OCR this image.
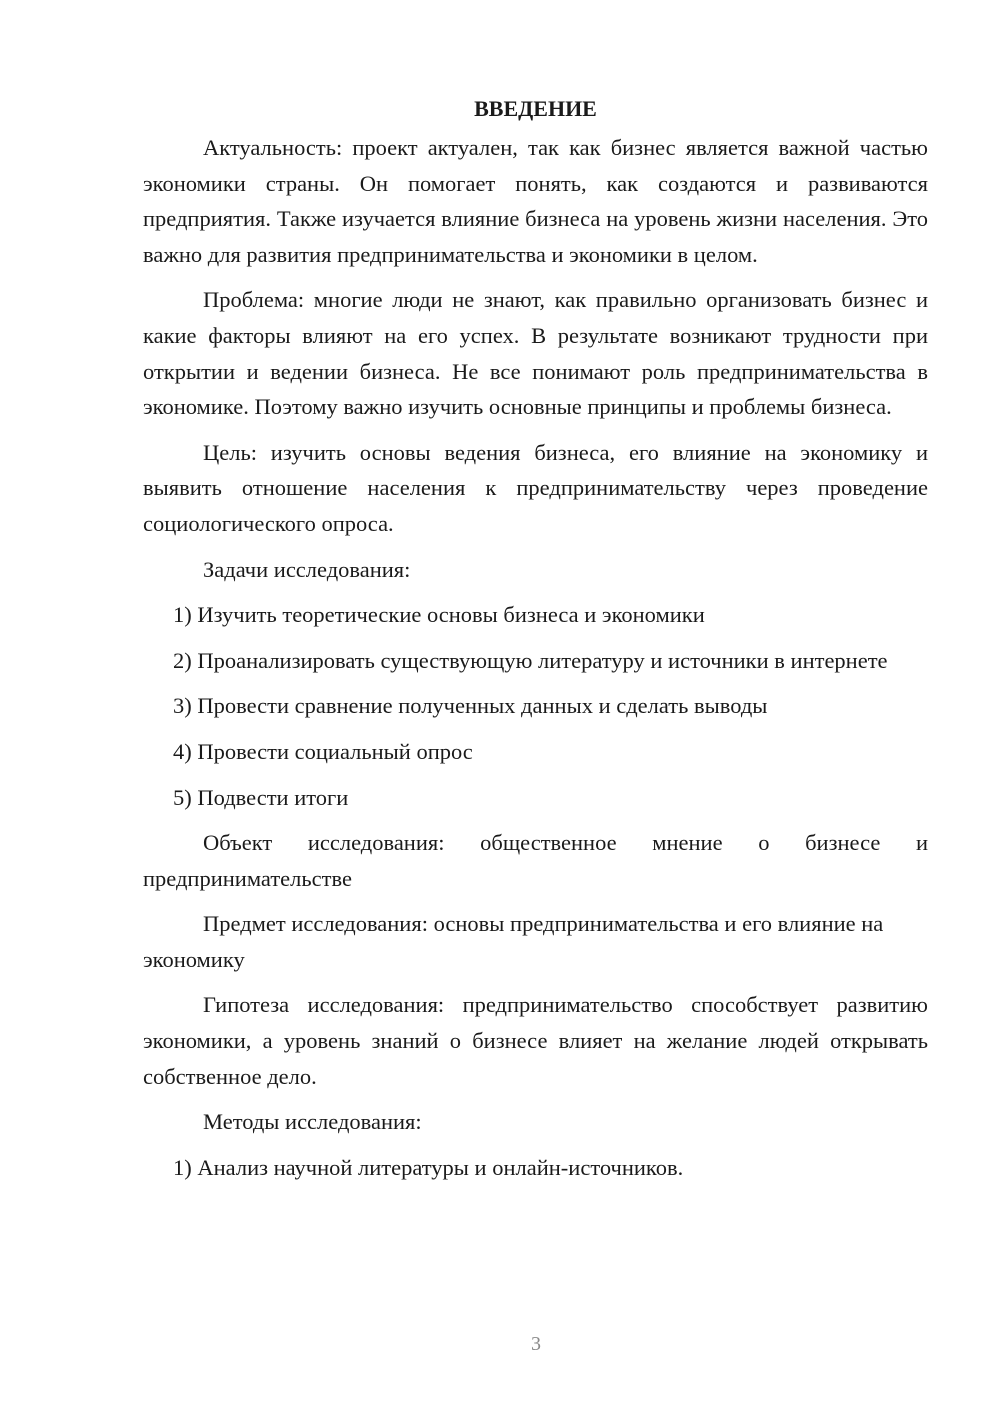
ВВЕДЕНИЕ
Актуальность: проект актуален, так как бизнес является важной частью экономики страны. Он помогает понять, как создаются и развиваются предприятия. Также изучается влияние бизнеса на уровень жизни населения. Это важно для развития предпринимательства и экономики в целом.
Проблема: многие люди не знают, как правильно организовать бизнес и какие факторы влияют на его успех. В результате возникают трудности при открытии и ведении бизнеса. Не все понимают роль предпринимательства в экономике. Поэтому важно изучить основные принципы и проблемы бизнеса.
Цель: изучить основы ведения бизнеса, его влияние на экономику и выявить отношение населения к предпринимательству через проведение социологического опроса.
Задачи исследования:
1) Изучить теоретические основы бизнеса и экономики
2) Проанализировать существующую литературу и источники в интернете
3) Провести сравнение полученных данных и сделать выводы
4) Провести социальный опрос
5) Подвести итоги
Объект исследования: общественное мнение о бизнесе и предпринимательстве
Предмет исследования: основы предпринимательства и его влияние на экономику
Гипотеза исследования: предпринимательство способствует развитию экономики, а уровень знаний о бизнесе влияет на желание людей открывать собственное дело.
Методы исследования:
1) Анализ научной литературы и онлайн-источников.
3
